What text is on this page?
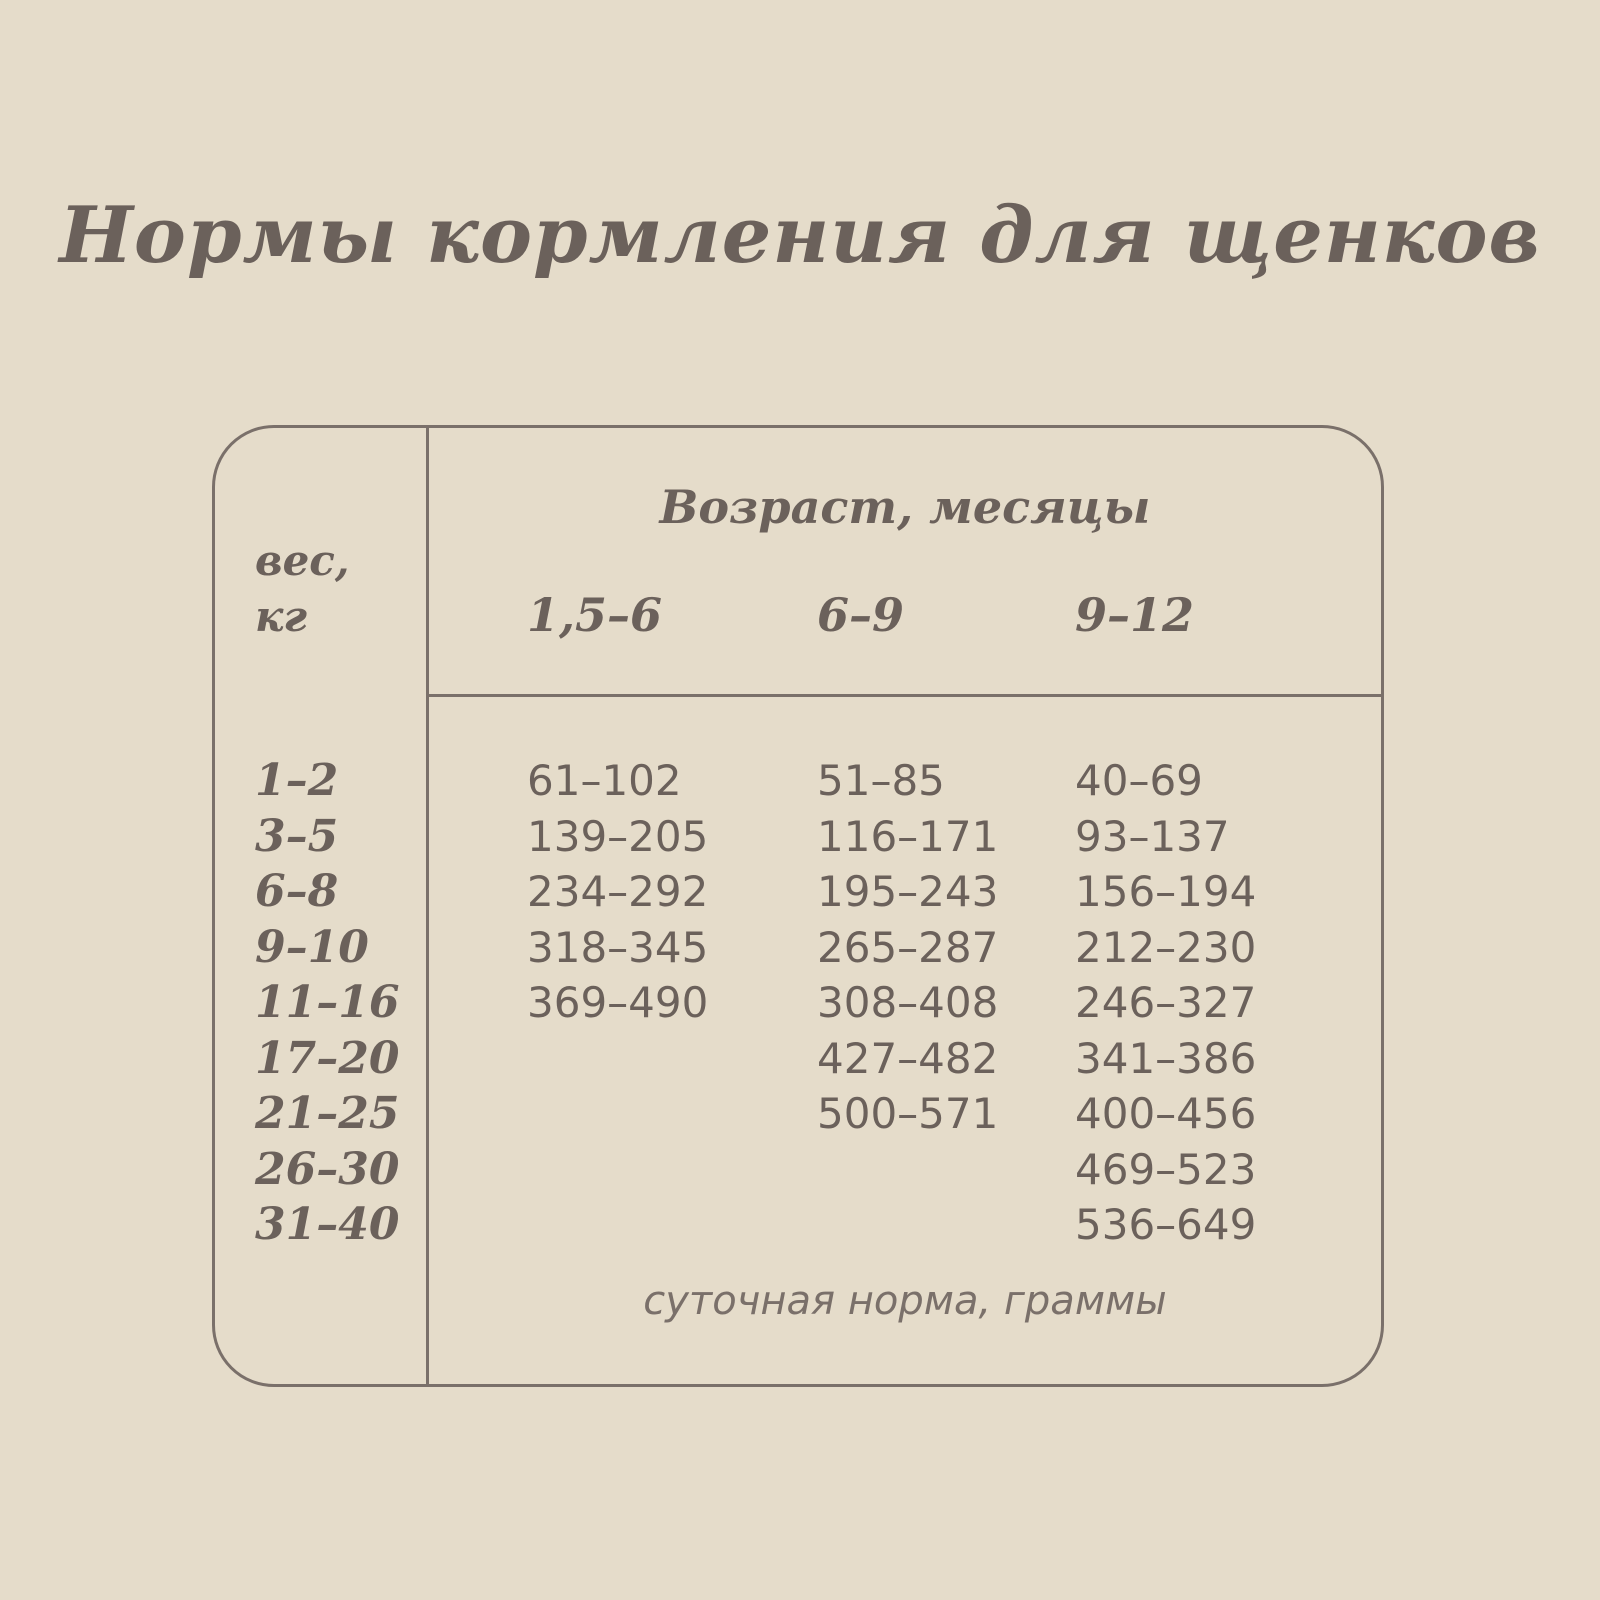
Нормы кормления для щенков
вес,
кг
Возраст, месяцы
1,5–6	6–9	9–12
1–2
3–5
6–8
9–10
11–16
17–20
21–25
26–30
31–40
61–102
139–205
234–292
318–345
369–490
51–85
116–171
195–243
265–287
308–408
427–482
500–571
40–69
93–137
156–194
212–230
246–327
341–386
400–456
469–523
536–649
суточная норма, граммы
